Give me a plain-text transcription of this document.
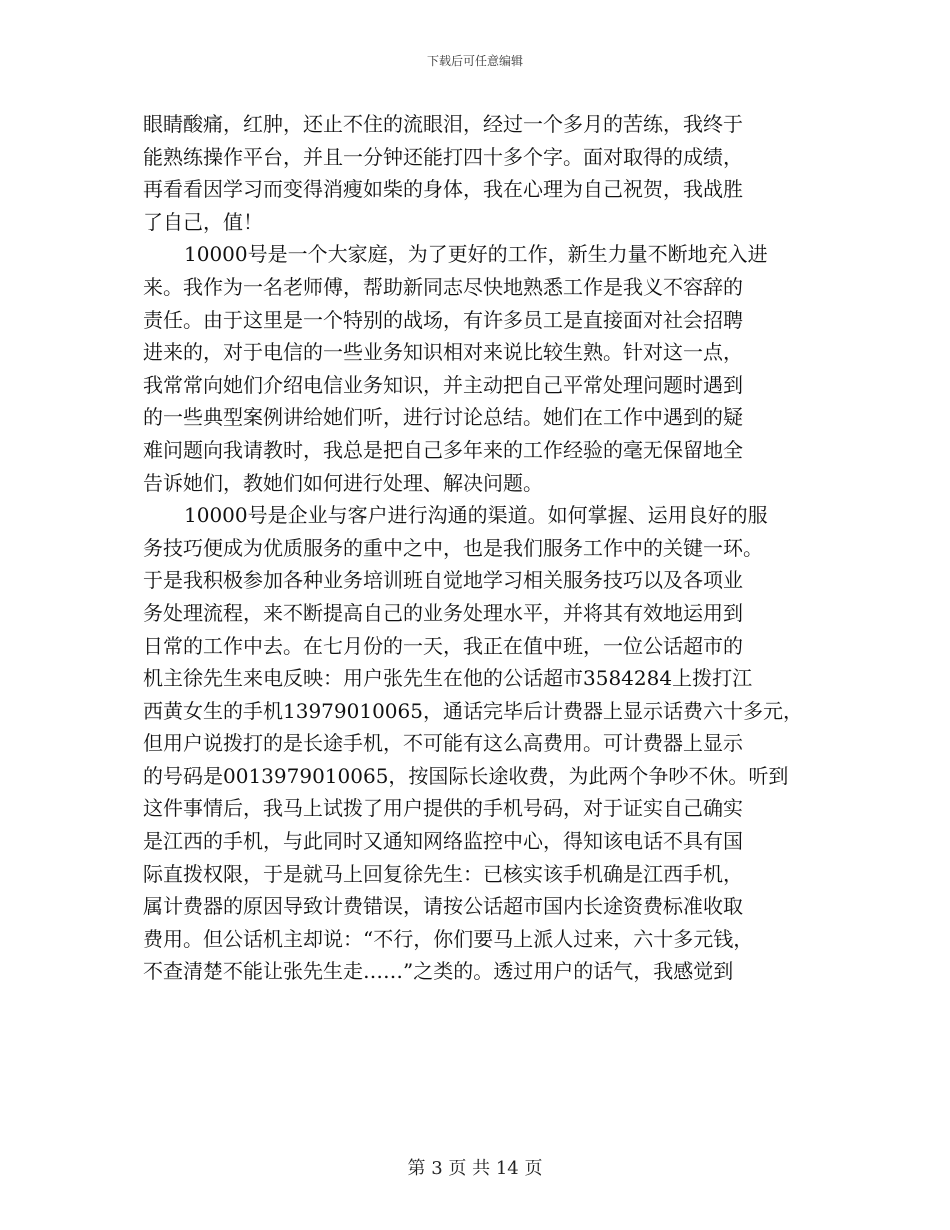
下载后可任意编辑

眼睛酸痛，红肿，还止不住的流眼泪，经过一个多月的苦练，我终于

能熟练操作平台，并且一分钟还能打四十多个字。面对取得的成绩，

再看看因学习而变得消瘦如柴的身体，我在心理为自己祝贺，我战胜

了自己，值！

10000号是一个大家庭，为了更好的工作，新生力量不断地充入进

来。我作为一名老师傅，帮助新同志尽快地熟悉工作是我义不容辞的

责任。由于这里是一个特别的战场，有许多员工是直接面对社会招聘

进来的，对于电信的一些业务知识相对来说比较生熟。针对这一点，

我常常向她们介绍电信业务知识，并主动把自己平常处理问题时遇到

的一些典型案例讲给她们听，进行讨论总结。她们在工作中遇到的疑

难问题向我请教时，我总是把自己多年来的工作经验的毫无保留地全

告诉她们，教她们如何进行处理、解决问题。

10000号是企业与客户进行沟通的渠道。如何掌握、运用良好的服

务技巧便成为优质服务的重中之中，也是我们服务工作中的关键一环。

于是我积极参加各种业务培训班自觉地学习相关服务技巧以及各项业

务处理流程，来不断提高自己的业务处理水平，并将其有效地运用到

日常的工作中去。在七月份的一天，我正在值中班，一位公话超市的

机主徐先生来电反映：用户张先生在他的公话超市3584284上拨打江

西黄女生的手机13979010065，通话完毕后计费器上显示话费六十多元，

但用户说拨打的是长途手机，不可能有这么高费用。可计费器上显示

的号码是0013979010065，按国际长途收费，为此两个争吵不休。听到

这件事情后，我马上试拨了用户提供的手机号码，对于证实自己确实

是江西的手机，与此同时又通知网络监控中心，得知该电话不具有国

际直拨权限，于是就马上回复徐先生：已核实该手机确是江西手机，

属计费器的原因导致计费错误，请按公话超市国内长途资费标准收取

费用。但公话机主却说：“不行，你们要马上派人过来，六十多元钱，

不查清楚不能让张先生走……”之类的。透过用户的话气，我感觉到

第 3 页 共 14 页
